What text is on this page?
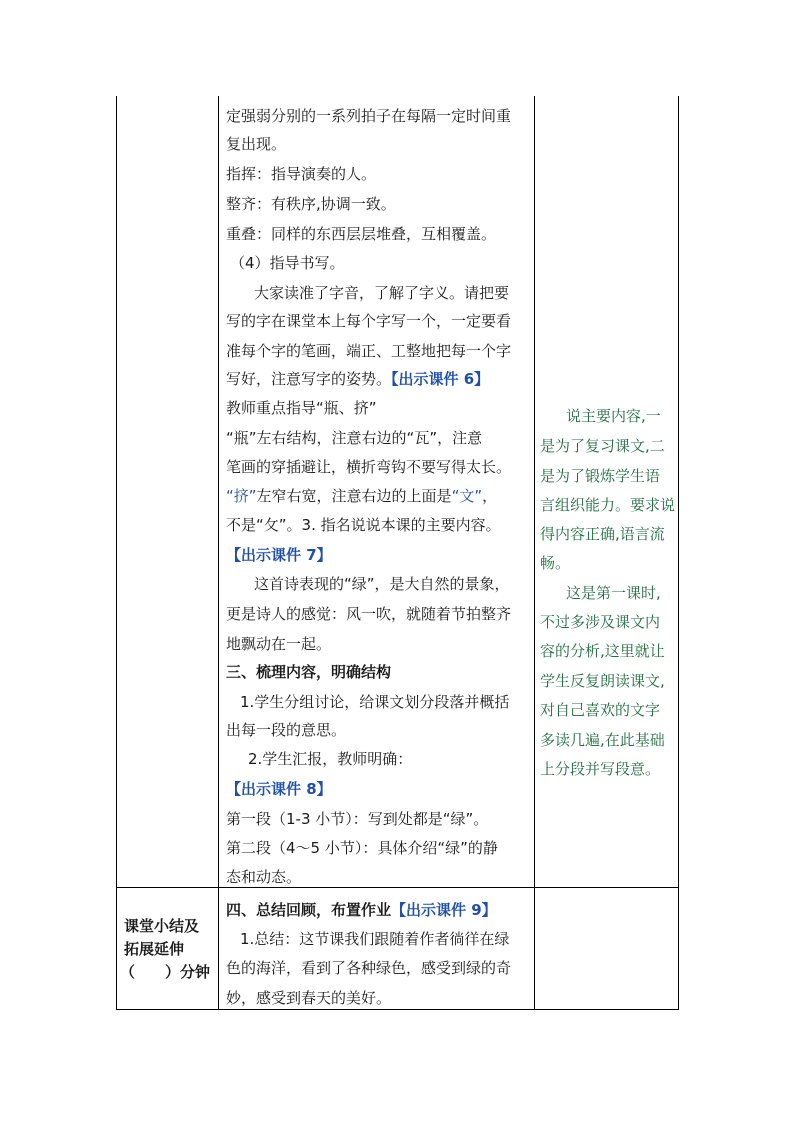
定强弱分别的一系列拍子在每隔一定时间重
复出现。
指挥：指导演奏的人。
整齐：有秩序,协调一致。
重叠：同样的东西层层堆叠，互相覆盖。
（4）指导书写。
大家读准了字音，了解了字义。请把要
写的字在课堂本上每个字写一个，一定要看
准每个字的笔画，端正、工整地把每一个字
写好，注意写字的姿势。【出示课件 6】
教师重点指导“瓶、挤”
“瓶”左右结构，注意右边的“瓦”，注意
笔画的穿插避让，横折弯钩不要写得太长。
“挤”左窄右宽，注意右边的上面是“文”，
不是“攵”。3. 指名说说本课的主要内容。
【出示课件 7】
这首诗表现的“绿”，是大自然的景象，
更是诗人的感觉：风一吹，就随着节拍整齐
地飘动在一起。
三、梳理内容，明确结构
1.学生分组讨论，给课文划分段落并概括
出每一段的意思。
2.学生汇报，教师明确：
【出示课件 8】
第一段（1-3 小节）：写到处都是“绿”。
第二段（4～5 小节）：具体介绍“绿”的静
态和动态。
四、总结回顾，布置作业【出示课件 9】
1.总结：这节课我们跟随着作者徜徉在绿
色的海洋，看到了各种绿色，感受到绿的奇
妙，感受到春天的美好。
说主要内容,一
是为了复习课文,二
是为了锻炼学生语
言组织能力。要求说
得内容正确,语言流
畅。
这是第一课时,
不过多涉及课文内
容的分析,这里就让
学生反复朗读课文,
对自己喜欢的文字
多读几遍,在此基础
上分段并写段意。
课堂小结及
拓展延伸
（　　）分钟
